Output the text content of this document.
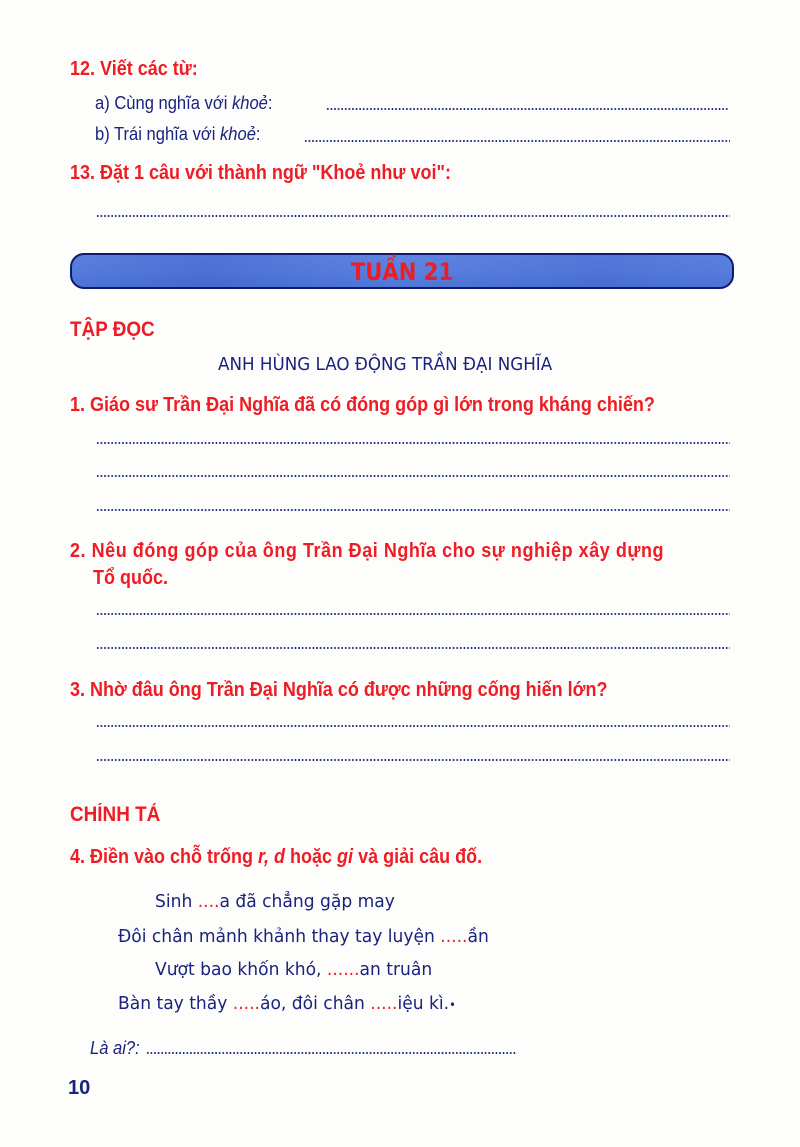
12. Viết các từ:
a) Cùng nghĩa với khoẻ:
b) Trái nghĩa với khoẻ:
13. Đặt 1 câu với thành ngữ "Khoẻ như voi":
TUẦN 21
TẬP ĐỌC
ANH HÙNG LAO ĐỘNG TRẦN ĐẠI NGHĨA
1. Giáo sư Trần Đại Nghĩa đã có đóng góp gì lớn trong kháng chiến?
2. Nêu đóng góp của ông Trần Đại Nghĩa cho sự nghiệp xây dựng
Tổ quốc.
3. Nhờ đâu ông Trần Đại Nghĩa có được những cống hiến lớn?
CHÍNH TẢ
4. Điền vào chỗ trống r, d hoặc gi và giải câu đố.
Sinh ....a đã chẳng gặp may
Đôi chân mảnh khảnh thay tay luyện .....ần
Vượt bao khốn khó, ......an truân
Bàn tay thầy .....áo, đôi chân .....iệu kì.•
Là ai?:
10
